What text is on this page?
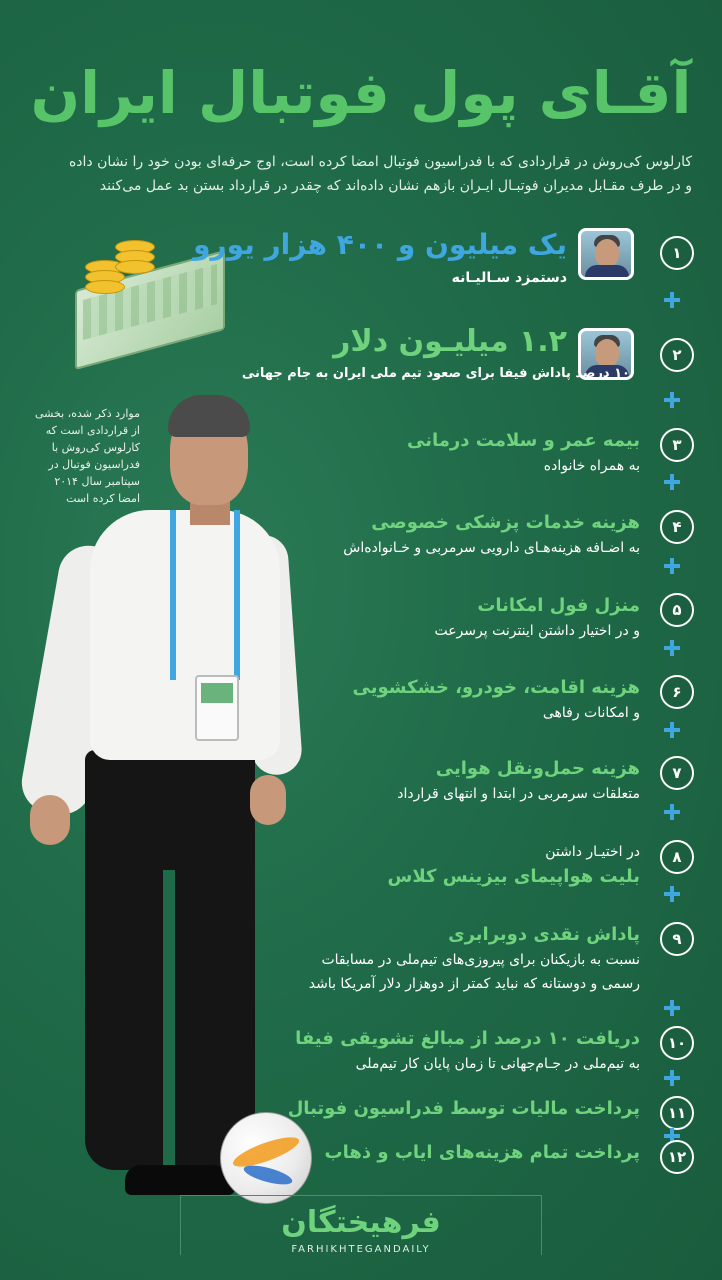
آقـای پول فوتبال ایران

کارلوس کی‌روش در قراردادی که با فدراسیون فوتبال امضا کرده است، اوج حرفه‌ای بودن خود را نشان داده

و در طرف مقـابل مدیران فوتبـال ایـران بازهم نشان داده‌اند که چقدر در قرارداد بستن بد عمل می‌کنند

۱
یک میلیون و ۴۰۰ هزار یورو
دستمزد سـالیـانه
۲
۱.۲ میلیـون دلار
۱۰ درصد پاداش فیفا برای صعود تیم ملی ایران به جام جهانی
موارد ذکر شده، بخشی از قراردادی است که کارلوس کی‌روش با فدراسیون فوتبال در سپتامبر سال ۲۰۱۴ امضا کرده است
۳
بیمه عمر و سلامت درمانی
به همراه خانواده
۴
هزینه خدمات پزشکی خصوصی
به اضـافه هزینه‌هـای دارویی سرمربی و خـانواده‌اش
۵
منزل فول امکانات
و در اختیار داشتن اینترنت پرسرعت
۶
هزینه اقامت، خودرو، خشکشویی
و امکانات رفاهی
۷
هزینه حمل‌ونقل هوایی
متعلقات سرمربی در ابتدا و انتهای قرارداد
۸
در اختیـار داشتن
بلیت هواپیمای بیزینس کلاس
۹
پاداش نقدی دوبرابری
نسبت به بازیکنان برای پیروزی‌های تیم‌ملی در مسابقات
رسمی و دوستانه که نباید کمتر از دوهزار دلار آمریکا باشد
۱۰
دریافت ۱۰ درصد از مبالغ تشویقی فیفا
به تیم‌ملی در جـام‌جهانی تا زمان پایان کار تیم‌ملی
۱۱
پرداخت مالیات توسط فدراسیون فوتبال
۱۲
پرداخت تمام هزینه‌های ایاب و ذهاب
فرهیختگان
FARHIKHTEGANDAILY
